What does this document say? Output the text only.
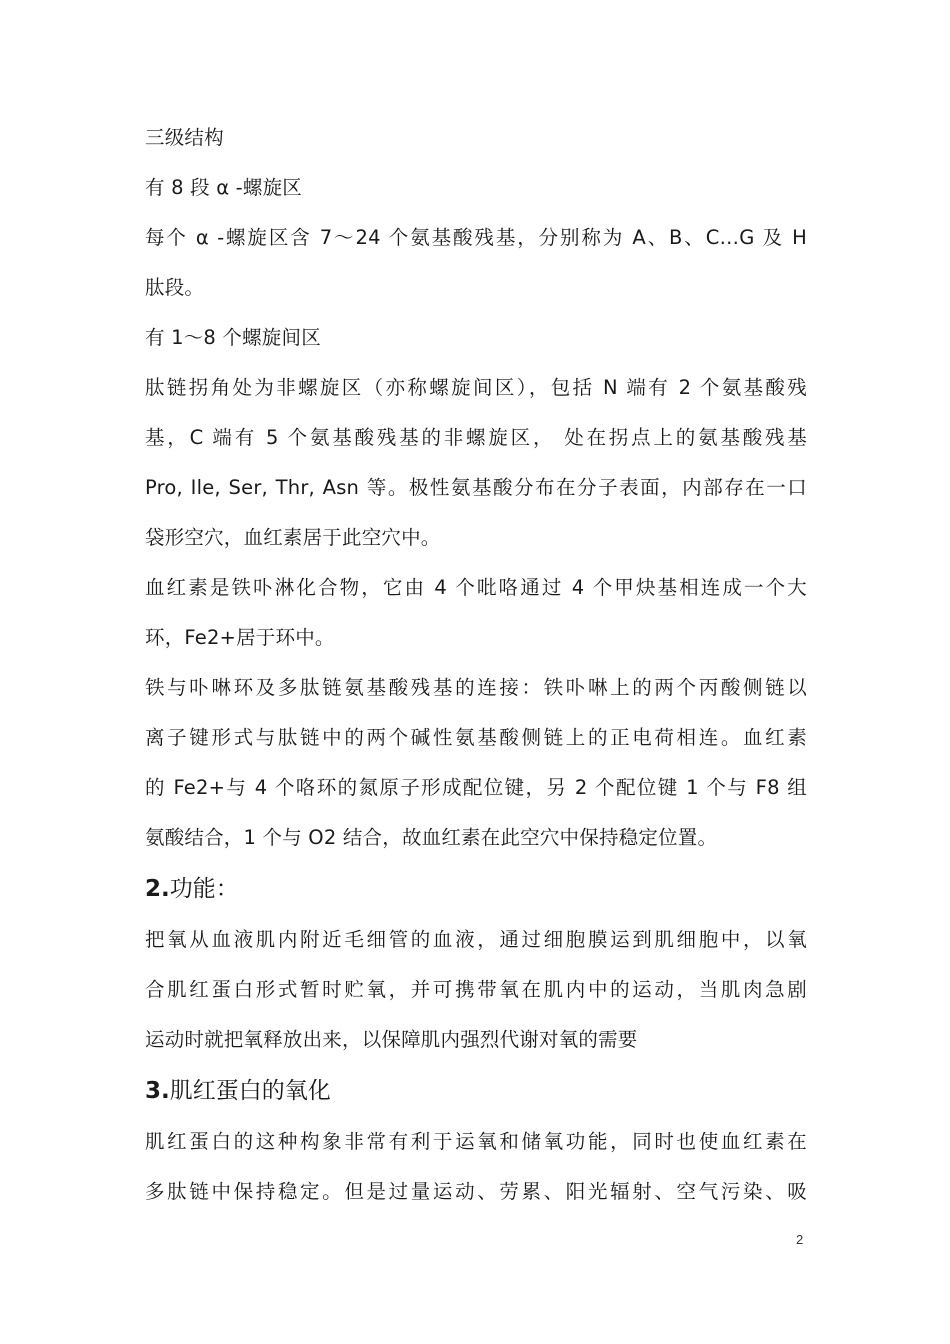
三级结构

有 8 段 α -螺旋区

每个 α -螺旋区含 7～24 个氨基酸残基，分别称为 A、B、C…G 及 H
肽段。

有 1～8 个螺旋间区

肽链拐角处为非螺旋区（亦称螺旋间区），包括 N 端有 2 个氨基酸残
基，C 端有 5 个氨基酸残基的非螺旋区， 处在拐点上的氨基酸残基
Pro, Ile, Ser, Thr, Asn 等。极性氨基酸分布在分子表面，内部存在一口
袋形空穴，血红素居于此空穴中。

血红素是铁卟淋化合物，它由 4 个吡咯通过 4 个甲炔基相连成一个大
环，Fe2+居于环中。

铁与卟啉环及多肽链氨基酸残基的连接：铁卟啉上的两个丙酸侧链以
离子键形式与肽链中的两个碱性氨基酸侧链上的正电荷相连。血红素
的 Fe2+与 4 个咯环的氮原子形成配位键，另 2 个配位键 1 个与 F8 组
氨酸结合，1 个与 O2 结合，故血红素在此空穴中保持稳定位置。

2.功能：

把氧从血液肌内附近毛细管的血液，通过细胞膜运到肌细胞中，以氧
合肌红蛋白形式暂时贮氧，并可携带氧在肌内中的运动，当肌肉急剧
运动时就把氧释放出来，以保障肌内强烈代谢对氧的需要

3.肌红蛋白的氧化

肌红蛋白的这种构象非常有利于运氧和储氧功能，同时也使血红素在
多肽链中保持稳定。但是过量运动、劳累、阳光辐射、空气污染、吸

2
